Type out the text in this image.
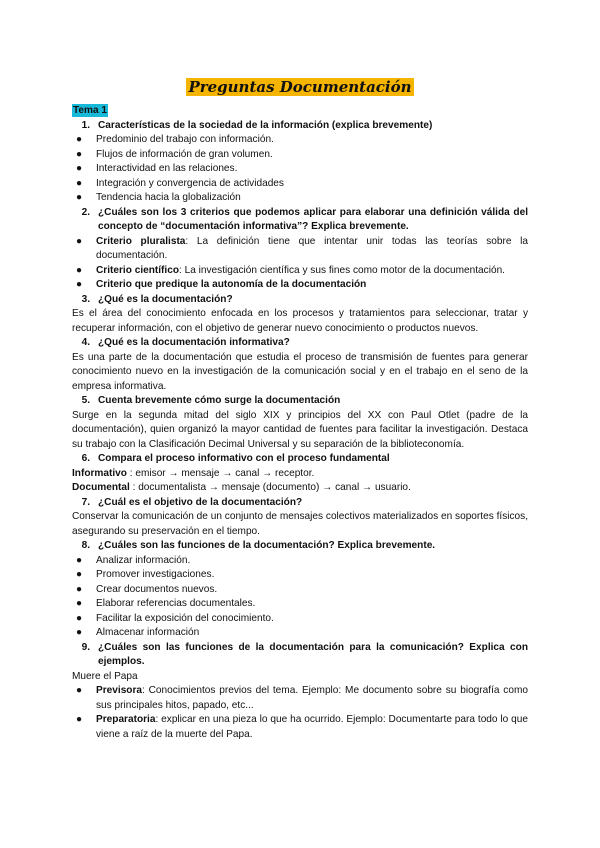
Preguntas Documentación
Tema 1
1. Características de la sociedad de la información (explica brevemente)
●	Predominio del trabajo con información.
●	Flujos de información de gran volumen.
●	Interactividad en las relaciones.
●	Integración y convergencia de actividades
●	Tendencia hacia la globalización
2. ¿Cuáles son los 3 criterios que podemos aplicar para elaborar una definición válida del concepto de “documentación informativa”? Explica brevemente.
●	Criterio pluralista: La definición tiene que intentar unir todas las teorías sobre la documentación.
●	Criterio científico: La investigación científica y sus fines como motor de la documentación.
●	Criterio que predique la autonomía de la documentación
3. ¿Qué es la documentación?
Es el área del conocimiento enfocada en los procesos y tratamientos para seleccionar, tratar y recuperar información, con el objetivo de generar nuevo conocimiento o productos nuevos.
4. ¿Qué es la documentación informativa?
Es una parte de la documentación que estudia el proceso de transmisión de fuentes para generar conocimiento nuevo en la investigación de la comunicación social y en el trabajo en el seno de la empresa informativa.
5. Cuenta brevemente cómo surge la documentación
Surge en la segunda mitad del siglo XIX y principios del XX con Paul Otlet (padre de la documentación), quien organizó la mayor cantidad de fuentes para facilitar la investigación. Destaca su trabajo con la Clasificación Decimal Universal y su separación de la biblioteconomía.
6. Compara el proceso informativo con el proceso fundamental
Informativo : emisor → mensaje → canal → receptor.
Documental : documentalista → mensaje (documento) → canal → usuario.
7. ¿Cuál es el objetivo de la documentación?
Conservar la comunicación de un conjunto de mensajes colectivos materializados en soportes físicos, asegurando su preservación en el tiempo.
8. ¿Cuáles son las funciones de la documentación? Explica brevemente.
●	Analizar información.
●	Promover investigaciones.
●	Crear documentos nuevos.
●	Elaborar referencias documentales.
●	Facilitar la exposición del conocimiento.
●	Almacenar información
9. ¿Cuáles son las funciones de la documentación para la comunicación? Explica con ejemplos.
Muere el Papa
●	Previsora: Conocimientos previos del tema. Ejemplo: Me documento sobre su biografía como sus principales hitos, papado, etc...
●	Preparatoria: explicar en una pieza lo que ha ocurrido. Ejemplo: Documentarte para todo lo que viene a raíz de la muerte del Papa.
